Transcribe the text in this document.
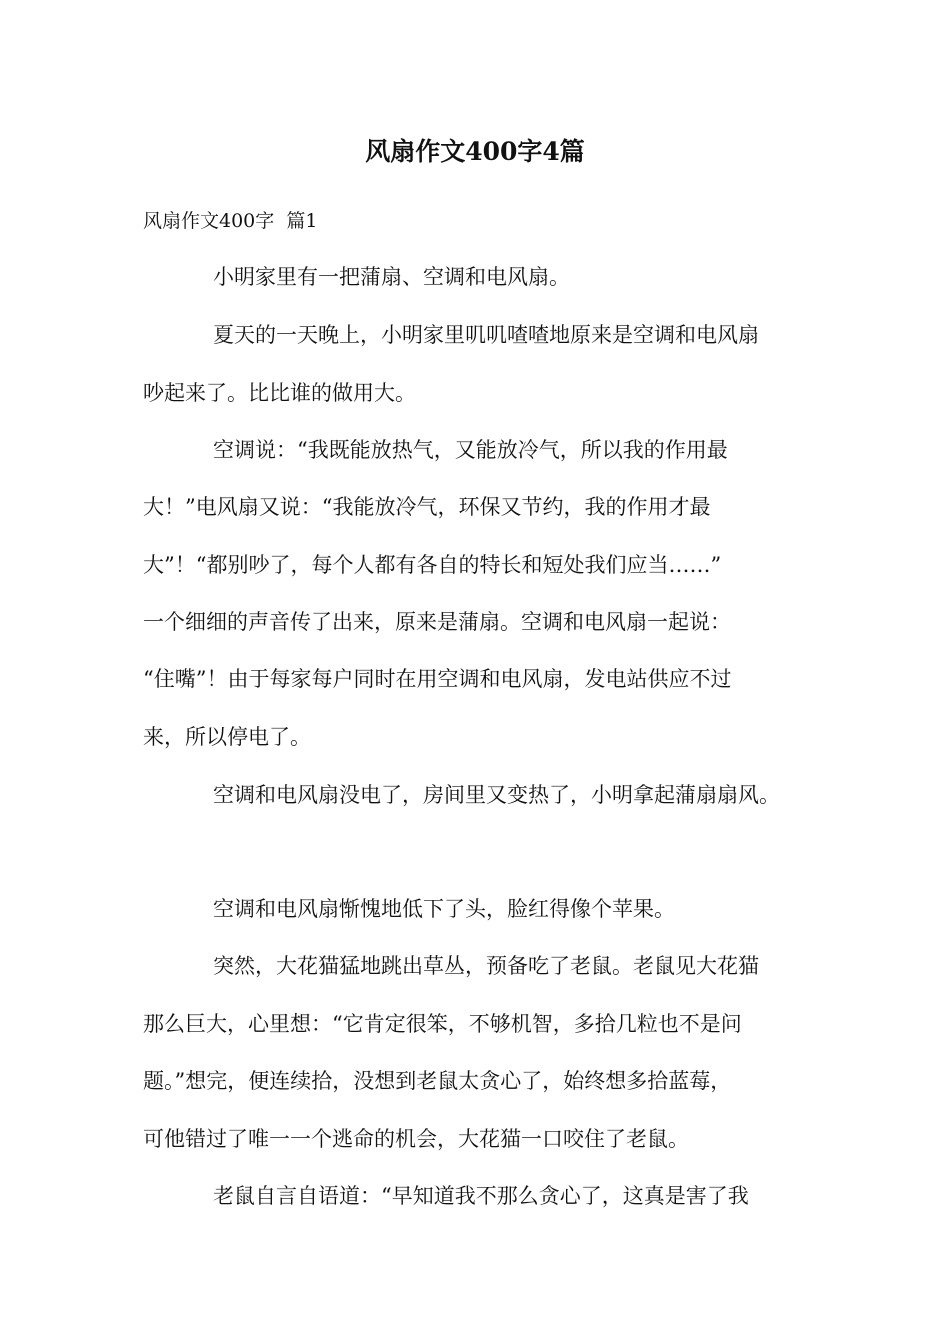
风扇作文400字4篇
风扇作文400字  篇1
小明家里有一把蒲扇、空调和电风扇。
夏天的一天晚上，小明家里叽叽喳喳地原来是空调和电风扇
吵起来了。比比谁的做用大。
空调说：“我既能放热气，又能放冷气，所以我的作用最
大！”电风扇又说：“我能放冷气，环保又节约，我的作用才最
大”！“都别吵了，每个人都有各自的特长和短处我们应当……”
一个细细的声音传了出来，原来是蒲扇。空调和电风扇一起说：
“住嘴”！由于每家每户同时在用空调和电风扇，发电站供应不过
来，所以停电了。
空调和电风扇没电了，房间里又变热了，小明拿起蒲扇扇风。
空调和电风扇惭愧地低下了头，脸红得像个苹果。
突然，大花猫猛地跳出草丛，预备吃了老鼠。老鼠见大花猫
那么巨大，心里想：“它肯定很笨，不够机智，多拾几粒也不是问
题。”想完，便连续拾，没想到老鼠太贪心了，始终想多拾蓝莓，
可他错过了唯一一个逃命的机会，大花猫一口咬住了老鼠。
老鼠自言自语道：“早知道我不那么贪心了，这真是害了我
